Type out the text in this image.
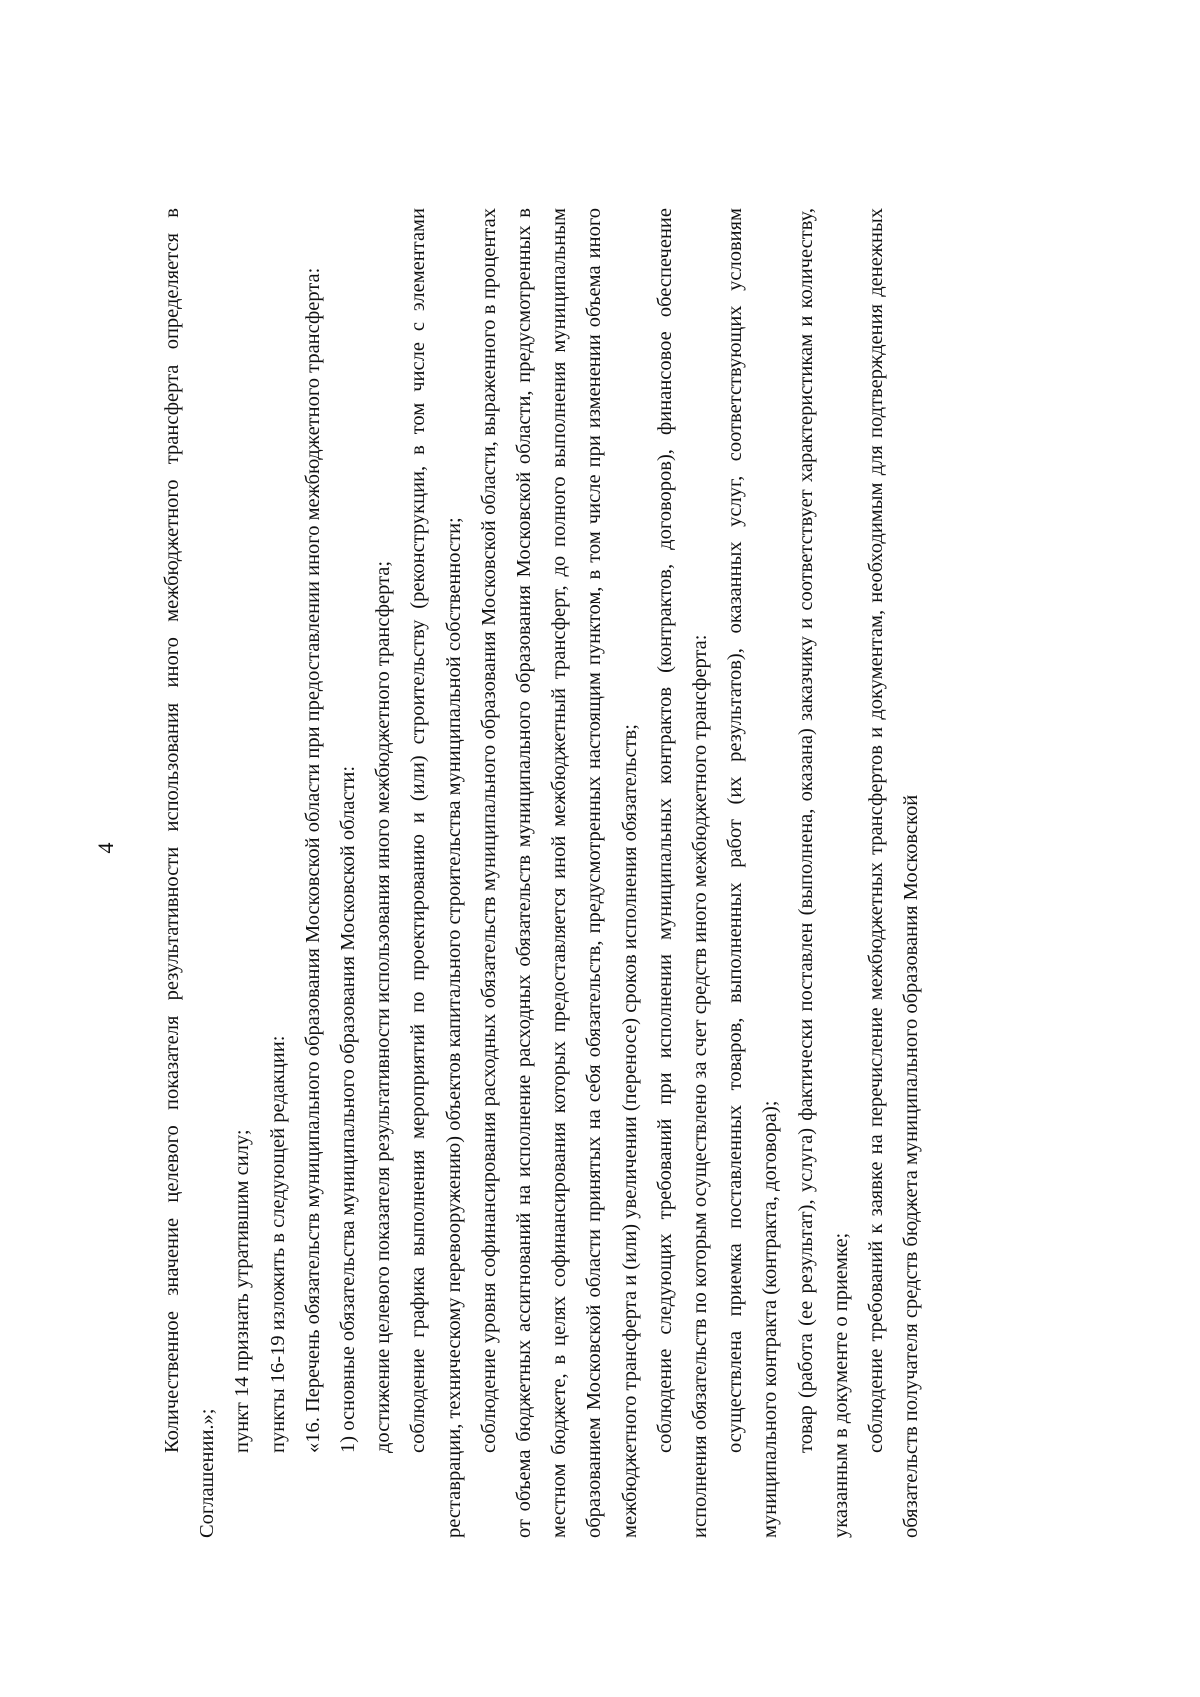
4 Количественное значение целевого показателя результативности использования иного межбюджетного трансферта определяется в Соглашении.»;

пункт 14 признать утратившим силу; пункты 16-19 изложить в следующей редакции: «16. Перечень обязательств муниципального образования Московской области при предоставлении иного межбюджетного трансферта: 1) основные обязательства муниципального образования Московской области: достижение целевого показателя результативности использования иного межбюджетного трансферта; соблюдение графика выполнения мероприятий по проектированию и (или) строительству (реконструкции, в том числе с элементами реставрации, техническому перевооружению) объектов капитального строительства муниципальной собственности; соблюдение уровня софинансирования расходных обязательств муниципального образования Московской области, выраженного в процентах от объема бюджетных ассигнований на исполнение расходных обязательств муниципального образования Московской области, предусмотренных в местном бюджете, в целях софинансирования которых предоставляется иной межбюджетный трансферт, до полного выполнения муниципальным образованием Московской области принятых на себя обязательств, предусмотренных настоящим пунктом, в том числе при изменении объема иного межбюджетного трансферта и (или) увеличении (переносе) сроков исполнения обязательств; соблюдение следующих требований при исполнении муниципальных контрактов (контрактов, договоров), финансовое обеспечение исполнения обязательств по которым осуществлено за счет средств иного межбюджетного трансферта: осуществлена приемка поставленных товаров, выполненных работ (их результатов), оказанных услуг, соответствующих условиям муниципального контракта (контракта, договора); товар (работа (ее результат), услуга) фактически поставлен (выполнена, оказана) заказчику и соответствует характеристикам и количеству, указанным в документе о приемке; соблюдение требований к заявке на перечисление межбюджетных трансфертов и документам, необходимым для подтверждения денежных обязательств получателя средств бюджета муниципального образования Московской
